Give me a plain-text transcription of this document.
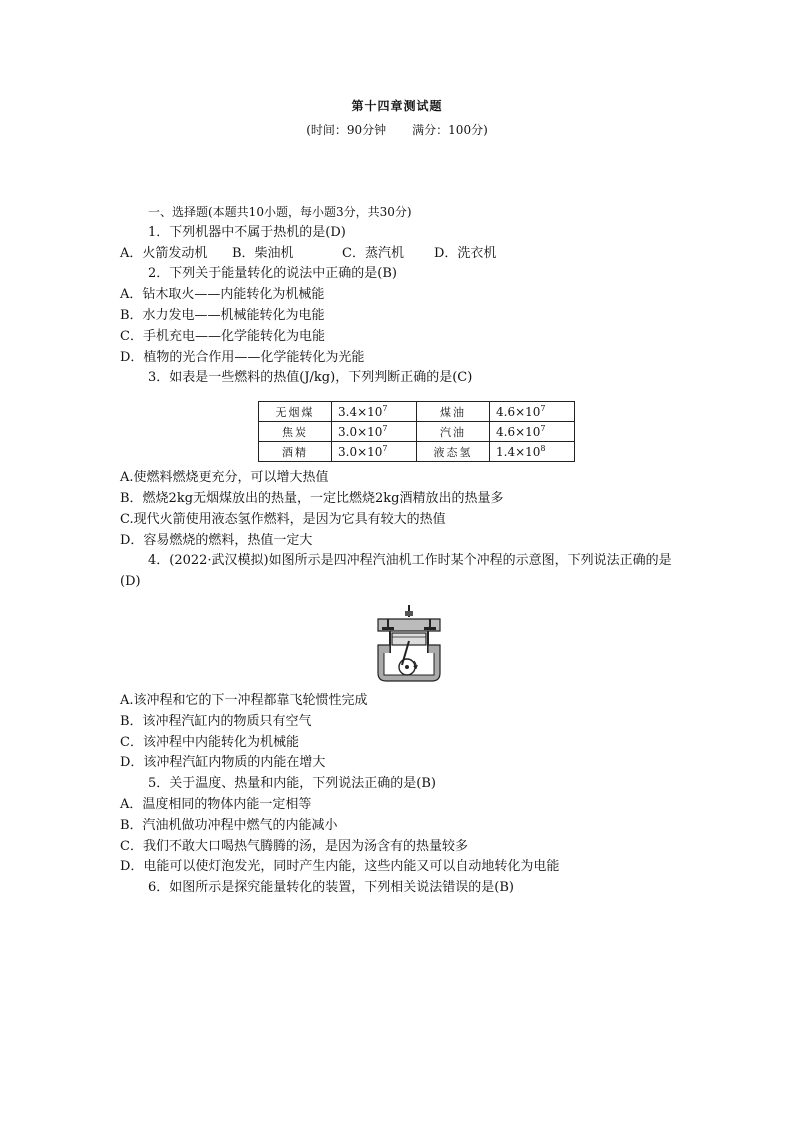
第十四章测试题
(时间：90分钟 满分：100分)
一、选择题(本题共10小题，每小题3分，共30分)
1．下列机器中不属于热机的是(D)
A．火箭发动机 B．柴油机	C．蒸汽机 D．洗衣机
2．下列关于能量转化的说法中正确的是(B)
A．钻木取火——内能转化为机械能
B．水力发电——机械能转化为电能
C．手机充电——化学能转化为电能
D．植物的光合作用——化学能转化为光能
3．如表是一些燃料的热值(J/kg)，下列判断正确的是(C)
无烟煤	$3.4\times 10^7$	煤油	$4.6\times 10^7$
焦炭	$3.0\times 10^7$	汽油	$4.6\times 10^7$
酒精	$3.0\times 10^7$	液态氢	$1.4\times 10^8$
A.使燃料燃烧更充分，可以增大热值
B．燃烧2kg无烟煤放出的热量，一定比燃烧2kg酒精放出的热量多
C.现代火箭使用液态氢作燃料，是因为它具有较大的热值
D．容易燃烧的燃料，热值一定大
4．(2022·武汉模拟)如图所示是四冲程汽油机工作时某个冲程的示意图，下列说法正确的是(D)
A.该冲程和它的下一冲程都靠飞轮惯性完成
B．该冲程汽缸内的物质只有空气
C．该冲程中内能转化为机械能
D．该冲程汽缸内物质的内能在增大
5．关于温度、热量和内能，下列说法正确的是(B)
A．温度相同的物体内能一定相等
B．汽油机做功冲程中燃气的内能减小
C．我们不敢大口喝热气腾腾的汤，是因为汤含有的热量较多
D．电能可以使灯泡发光，同时产生内能，这些内能又可以自动地转化为电能
6．如图所示是探究能量转化的装置，下列相关说法错误的是(B)
